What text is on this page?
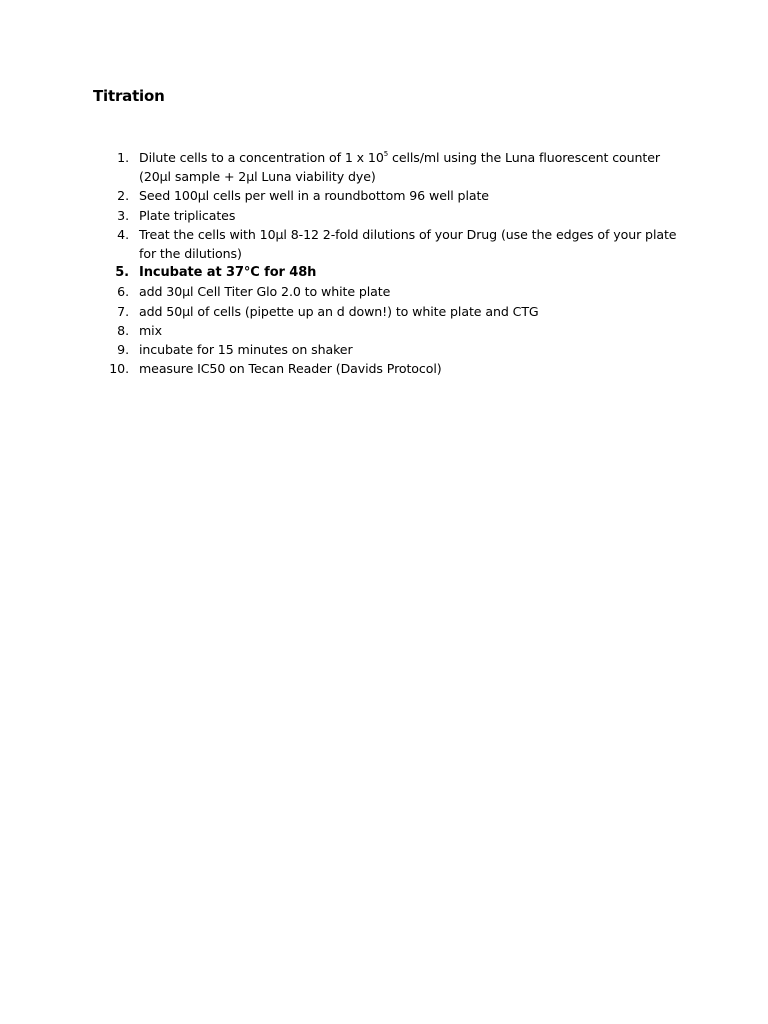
Titration
1. Dilute cells to a concentration of 1 x $10^5$ cells/ml using the Luna fluorescent counter (20µl sample + 2µl Luna viability dye)
2. Seed 100µl cells per well in a roundbottom 96 well plate
3. Plate triplicates
4. Treat the cells with 10µl 8-12 2-fold dilutions of your Drug (use the edges of your plate for the dilutions)
5. Incubate at 37°C for 48h
6. add 30µl Cell Titer Glo 2.0 to white plate
7. add 50µl of cells (pipette up an d down!) to white plate and CTG
8. mix
9. incubate for 15 minutes on shaker
10. measure IC50 on Tecan Reader (Davids Protocol)
